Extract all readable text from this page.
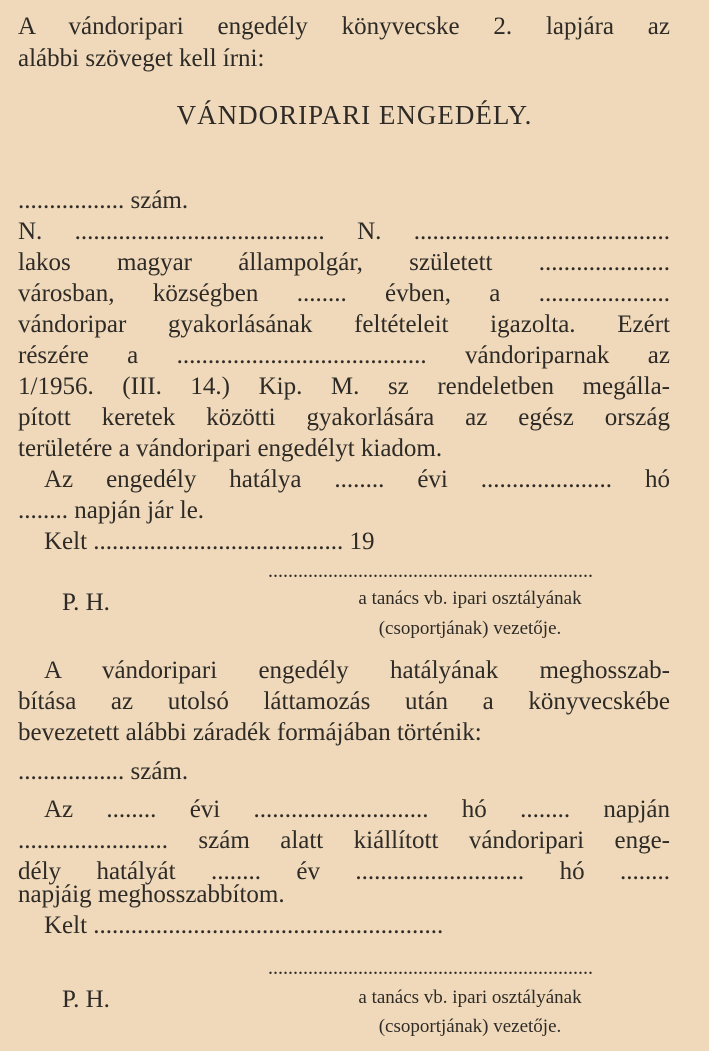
A vándoripari engedély könyvecske 2. lapjára az
alábbi szöveget kell írni:
VÁNDORIPARI ENGEDÉLY.
................. szám.
N. ........................................ N. .........................................
lakos magyar állampolgár, született .....................
városban, községben ........ évben, a .....................
vándoripar gyakorlásának feltételeit igazolta. Ezért
részére a ........................................ vándoriparnak az
1/1956. (III. 14.) Kip. M. sz rendeletben megálla-
pított keretek közötti gyakorlására az egész ország
területére a vándoripari engedélyt kiadom.
Az engedély hatálya ........ évi ..................... hó
........ napján jár le.
Kelt ........................................ 19
.................................................................
P. H.	a tanács vb. ipari osztályának
(csoportjának) vezetője.
A vándoripari engedély hatályának meghosszab-
bítása az utolsó láttamozás után a könyvecskébe
bevezetett alábbi záradék formájában történik:
................. szám.
Az ........ évi ............................ hó ........ napján
........................ szám alatt kiállított vándoripari enge-
dély hatályát ........ év ........................... hó ........
napjáig meghosszabbítom.
Kelt ........................................................
.................................................................
P. H.	a tanács vb. ipari osztályának
(csoportjának) vezetője.
